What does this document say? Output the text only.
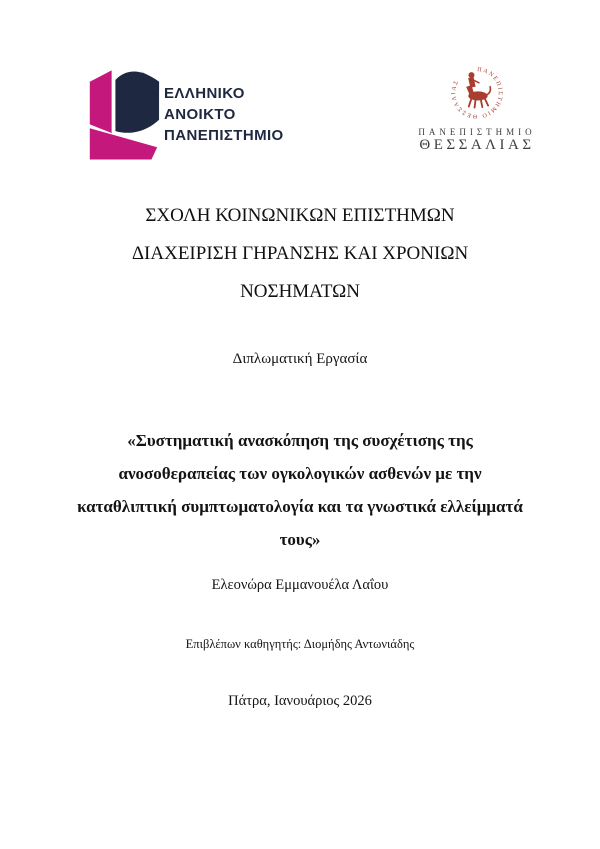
ΕΛΛΗΝΙΚΟ
ΑΝΟΙΚΤΟ
ΠΑΝΕΠΙΣΤΗΜΙΟ
ΠΑΝΕΠΙΣΤΗΜΙΟ ΘΕΣΣΑΛΙΑΣ
ΠΑΝΕΠΙΣΤΗΜΙΟ
ΘΕΣΣΑΛΙΑΣ
ΣΧΟΛΗ ΚΟΙΝΩΝΙΚΩΝ ΕΠΙΣΤΗΜΩΝ
ΔΙΑΧΕΙΡΙΣΗ ΓΗΡΑΝΣΗΣ ΚΑΙ ΧΡΟΝΙΩΝ
ΝΟΣΗΜΑΤΩΝ
Διπλωματική Εργασία
«Συστηματική ανασκόπηση της συσχέτισης της
ανοσοθεραπείας των ογκολογικών ασθενών με την
καταθλιπτική συμπτωματολογία και τα γνωστικά ελλείμματά
τους»
Ελεονώρα Εμμανουέλα Λαΐου
Επιβλέπων καθηγητής: Διομήδης Αντωνιάδης
Πάτρα, Ιανουάριος 2026
